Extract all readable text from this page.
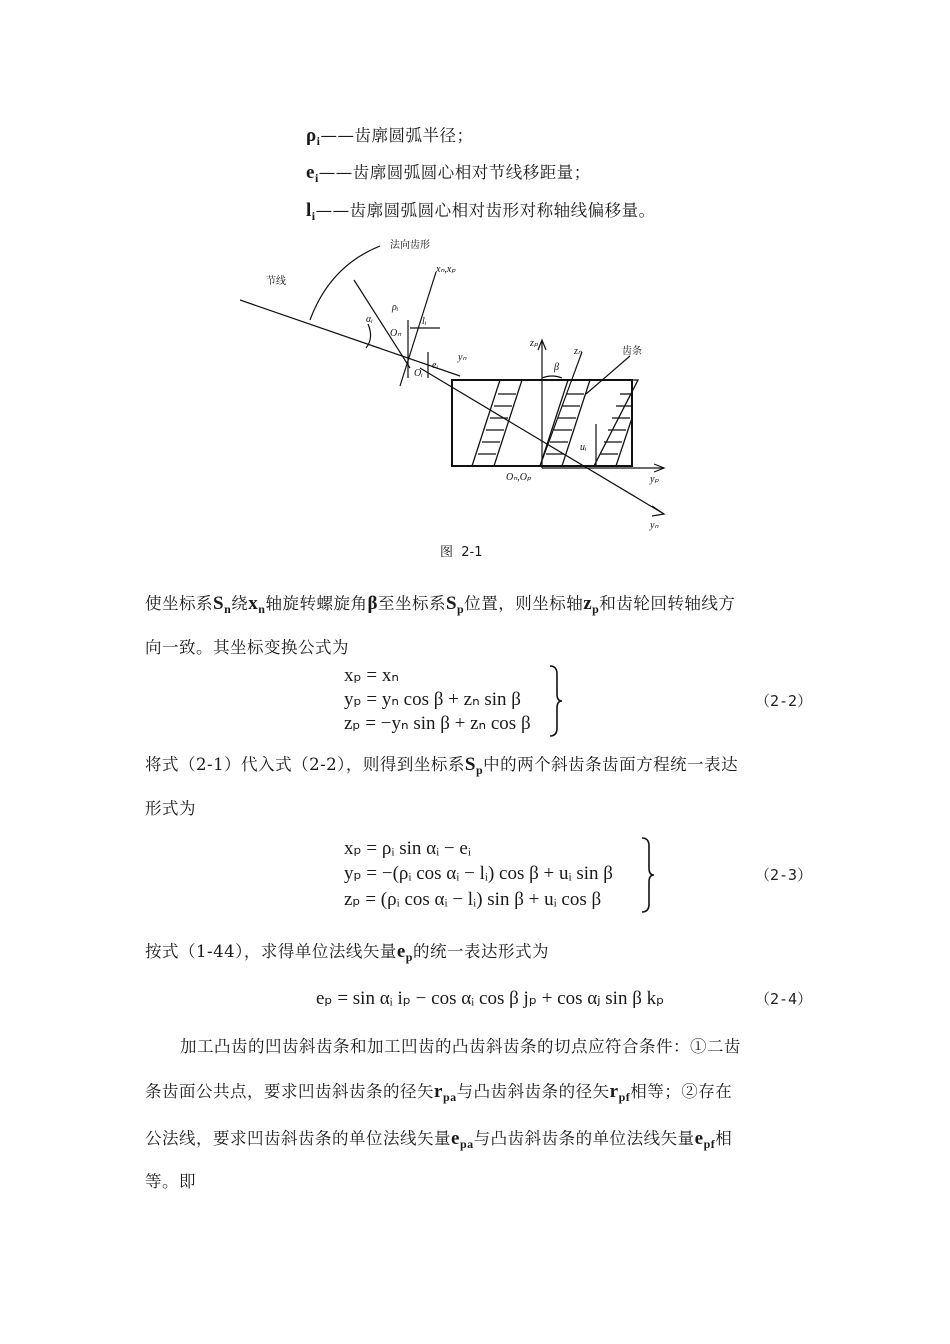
$\rho_i——$齿廓圆弧半径；
$e_i——$齿廓圆弧圆心相对节线移距量；
$l_i——$齿廓圆弧圆心相对齿形对称轴线偏移量。
法向齿形
节线
xₙ,xₚ
ρᵢ
αᵢ
Oₙ
lᵢ
yₙ
eᵢ
Oᵢ
zₚ
zₙ
β
齿条
uᵢ
Oₙ,Oₚ	yₚ
yₙ
图  2-1
使坐标系$S_n$绕$x_n$轴旋转螺旋角β至坐标系$S_p$位置，则坐标轴$z_p$和齿轮回转轴线方
向一致。其坐标变换公式为
xₚ = xₙ
yₚ = yₙ cos β + zₙ sin β
zₚ = −yₙ sin β + zₙ cos β
（2-2）
将式（2-1）代入式（2-2），则得到坐标系$S_p$中的两个斜齿条齿面方程统一表达
形式为
xₚ = ρᵢ sin αᵢ − eᵢ
yₚ = −(ρᵢ cos αᵢ − lᵢ) cos β + uᵢ sin β
zₚ = (ρᵢ cos αᵢ − lᵢ) sin β + uᵢ cos β
（2-3）
按式（1-44），求得单位法线矢量$e_p$的统一表达形式为
eₚ = sin αᵢ iₚ − cos αᵢ cos β jₚ + cos αⱼ sin β kₚ	（2-4）
加工凸齿的凹齿斜齿条和加工凹齿的凸齿斜齿条的切点应符合条件：①二齿
条齿面公共点，要求凹齿斜齿条的径矢$r_{pa}$与凸齿斜齿条的径矢$r_{pf}$相等；②存在
公法线，要求凹齿斜齿条的单位法线矢量$e_{pa}$与凸齿斜齿条的单位法线矢量$e_{pf}$相
等。即
